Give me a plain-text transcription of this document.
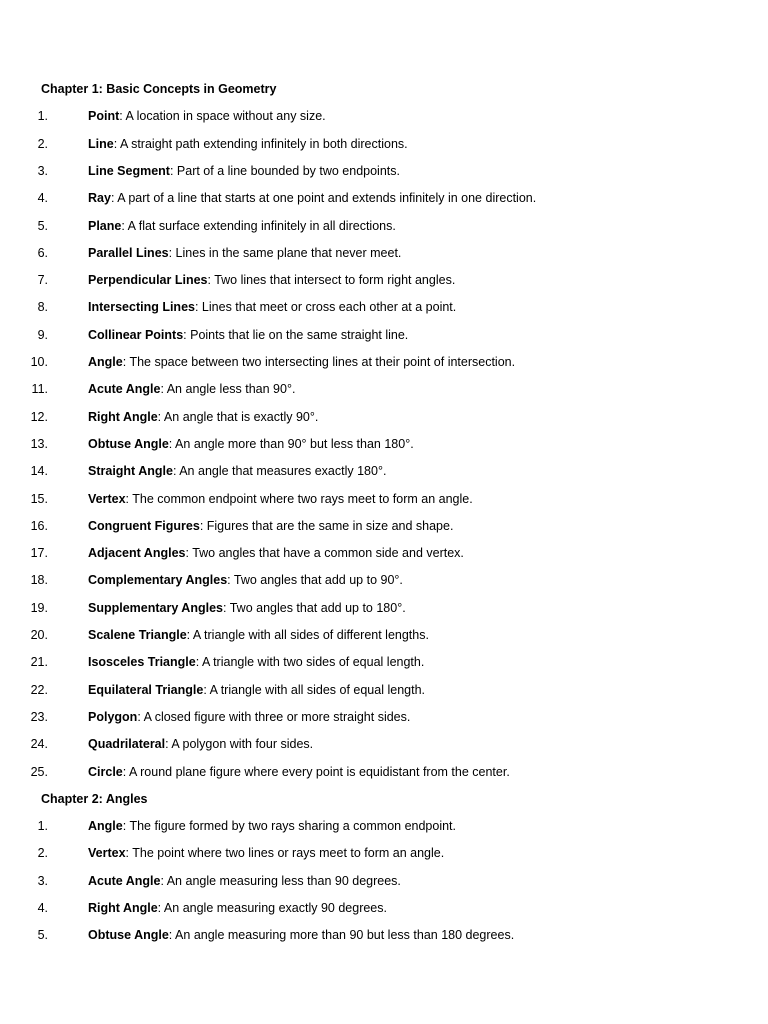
Chapter 1: Basic Concepts in Geometry
1.	Point: A location in space without any size.
2.	Line: A straight path extending infinitely in both directions.
3.	Line Segment: Part of a line bounded by two endpoints.
4.	Ray: A part of a line that starts at one point and extends infinitely in one direction.
5.	Plane: A flat surface extending infinitely in all directions.
6.	Parallel Lines: Lines in the same plane that never meet.
7.	Perpendicular Lines: Two lines that intersect to form right angles.
8.	Intersecting Lines: Lines that meet or cross each other at a point.
9.	Collinear Points: Points that lie on the same straight line.
10.	Angle: The space between two intersecting lines at their point of intersection.
11.	Acute Angle: An angle less than 90°.
12.	Right Angle: An angle that is exactly 90°.
13.	Obtuse Angle: An angle more than 90° but less than 180°.
14.	Straight Angle: An angle that measures exactly 180°.
15.	Vertex: The common endpoint where two rays meet to form an angle.
16.	Congruent Figures: Figures that are the same in size and shape.
17.	Adjacent Angles: Two angles that have a common side and vertex.
18.	Complementary Angles: Two angles that add up to 90°.
19.	Supplementary Angles: Two angles that add up to 180°.
20.	Scalene Triangle: A triangle with all sides of different lengths.
21.	Isosceles Triangle: A triangle with two sides of equal length.
22.	Equilateral Triangle: A triangle with all sides of equal length.
23.	Polygon: A closed figure with three or more straight sides.
24.	Quadrilateral: A polygon with four sides.
25.	Circle: A round plane figure where every point is equidistant from the center.
Chapter 2: Angles
1.	Angle: The figure formed by two rays sharing a common endpoint.
2.	Vertex: The point where two lines or rays meet to form an angle.
3.	Acute Angle: An angle measuring less than 90 degrees.
4.	Right Angle: An angle measuring exactly 90 degrees.
5.	Obtuse Angle: An angle measuring more than 90 but less than 180 degrees.
